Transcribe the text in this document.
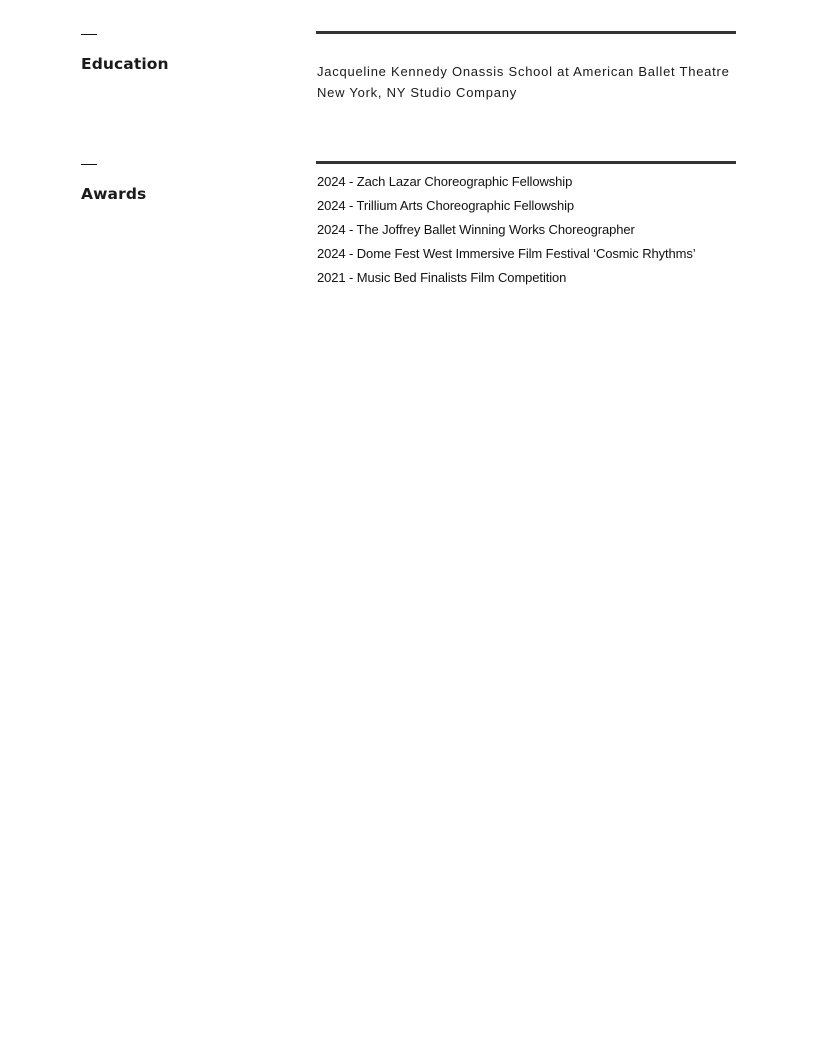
Education	Jacqueline Kennedy Onassis School at American Ballet Theatre
New York, NY Studio Company
Awards
2024 - Zach Lazar Choreographic Fellowship
2024 - Trillium Arts Choreographic Fellowship
2024 - The Joffrey Ballet Winning Works Choreographer
2024 - Dome Fest West Immersive Film Festival ‘Cosmic Rhythms’
2021 - Music Bed Finalists Film Competition
